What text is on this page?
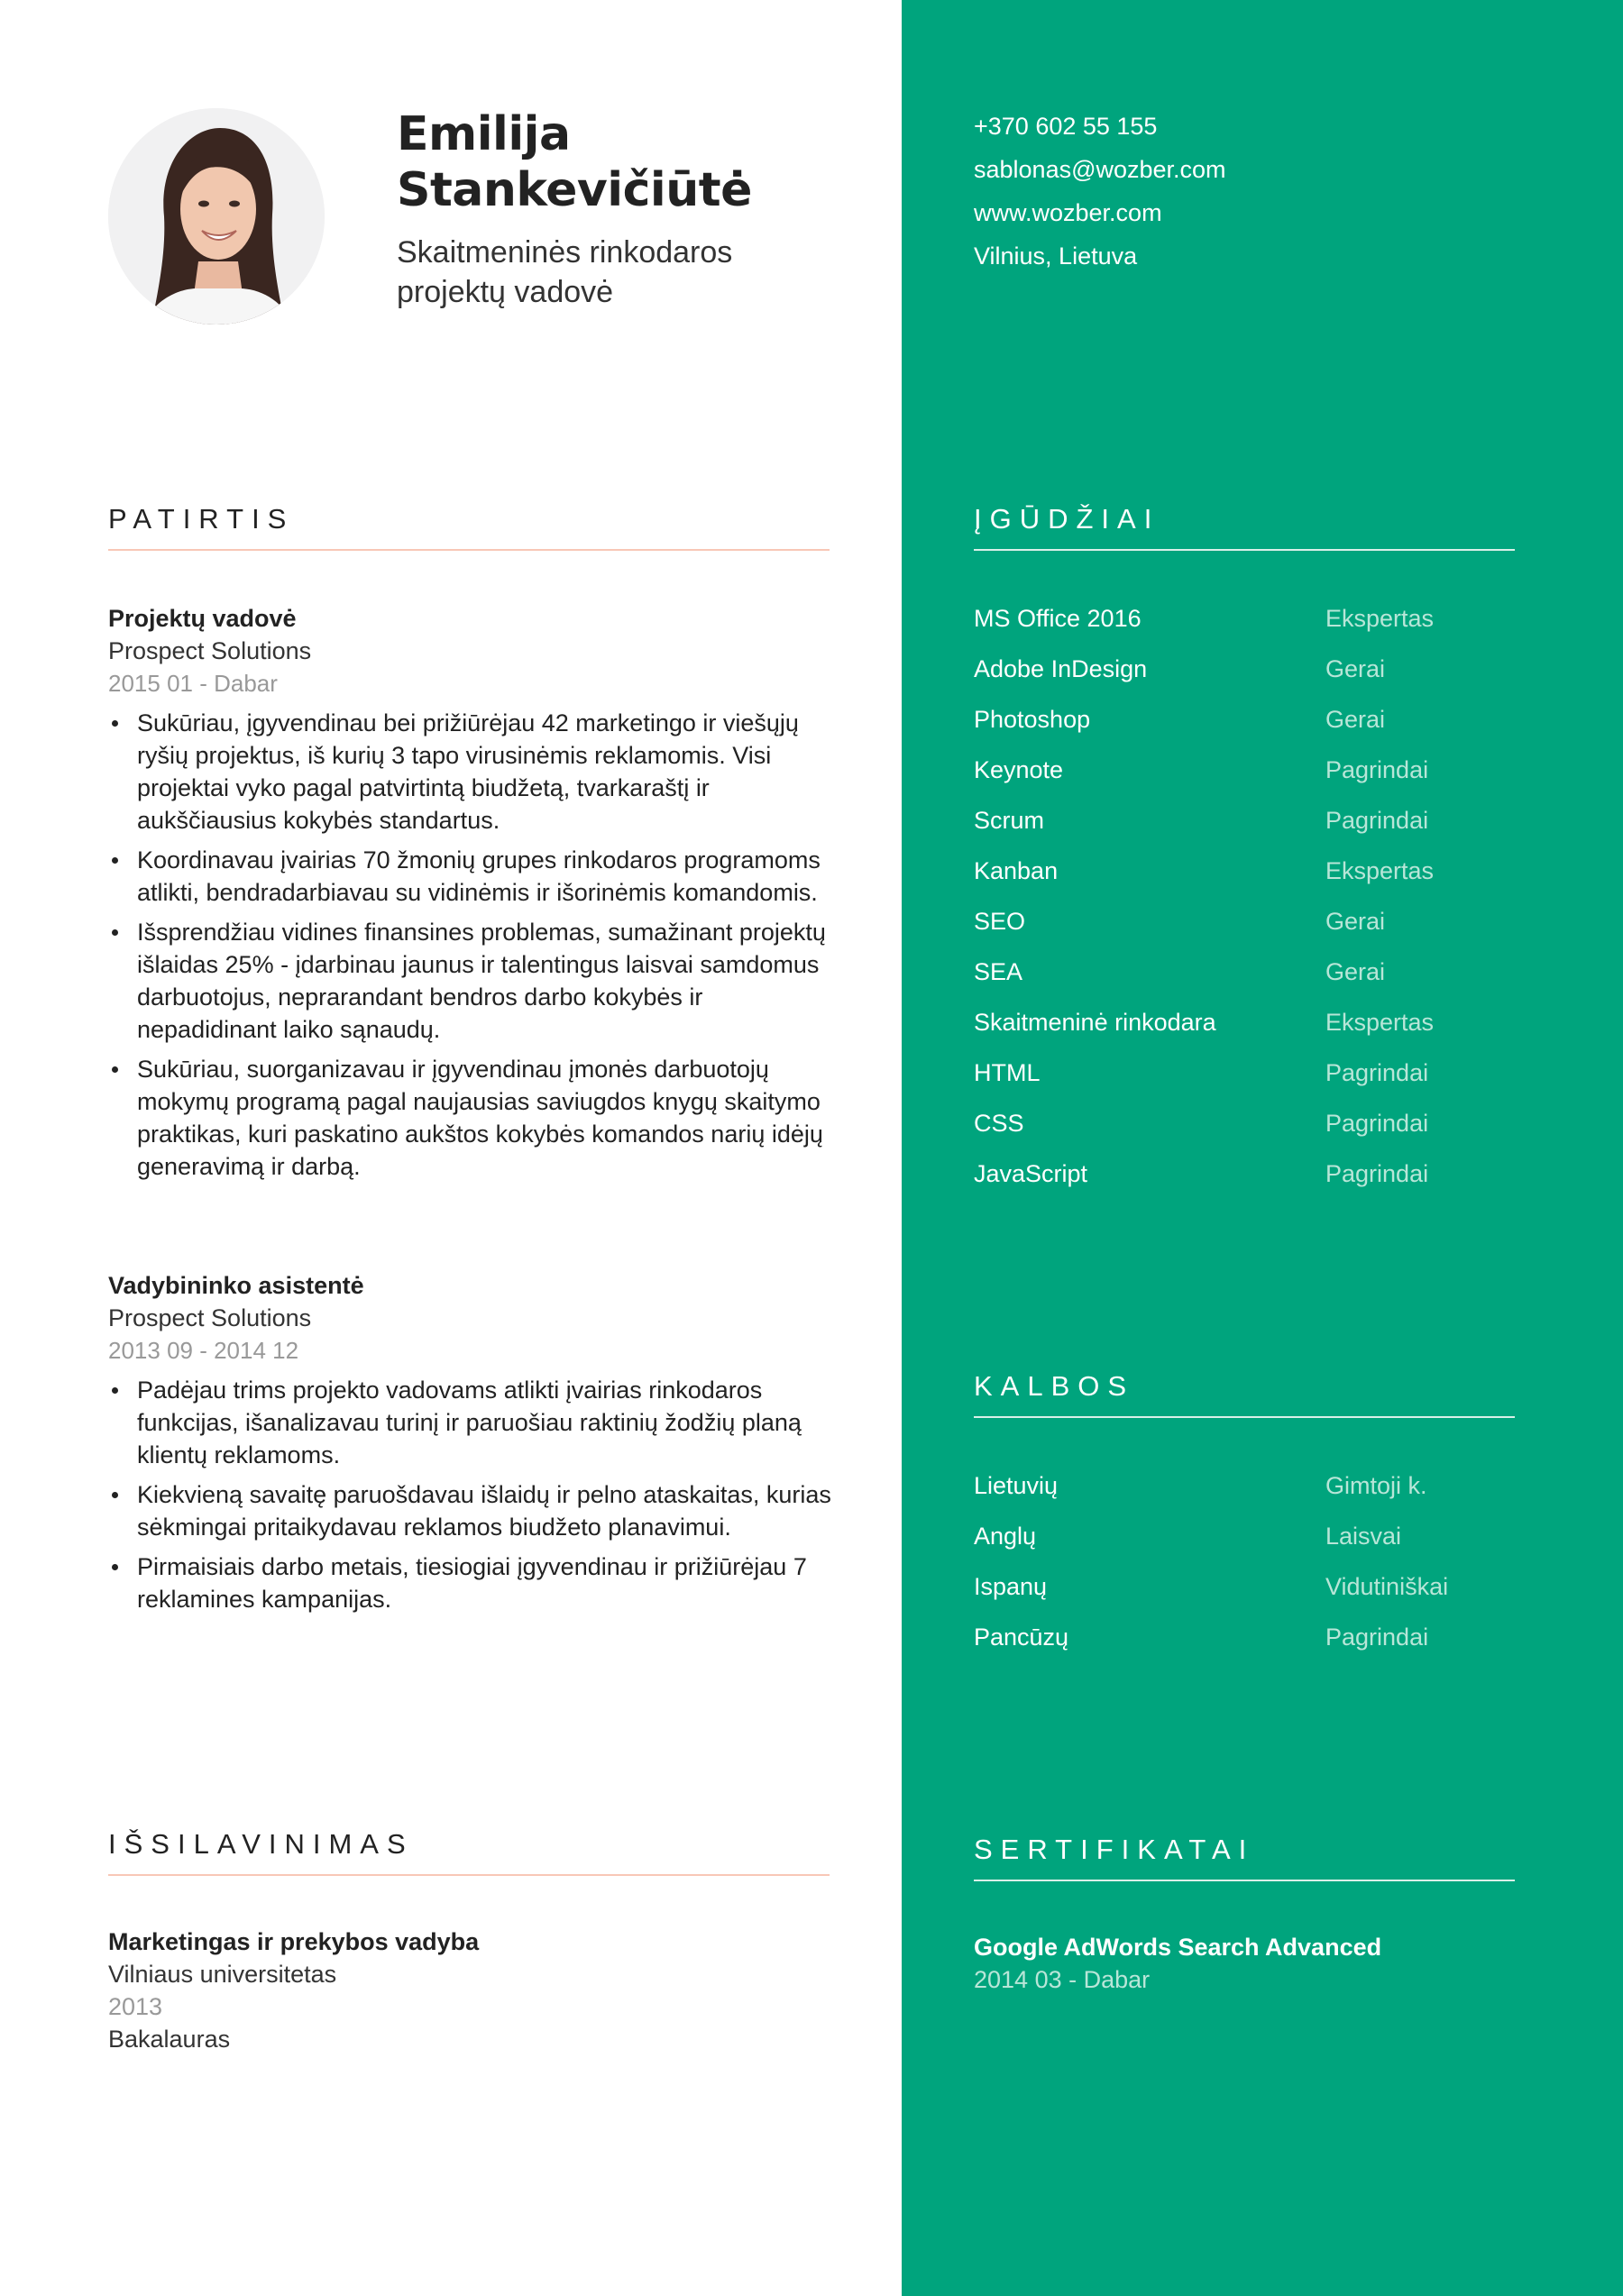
Emilija
Stankevičiūtė
Skaitmeninės rinkodaros
projektų vadovė
PATIRTIS
Projektų vadovė
Prospect Solutions
2015 01 - Dabar
Sukūriau, įgyvendinau bei prižiūrėjau 42 marketingo ir viešųjų ryšių projektus, iš kurių 3 tapo virusinėmis reklamomis. Visi projektai vyko pagal patvirtintą biudžetą, tvarkaraštį ir aukščiausius kokybės standartus.
Koordinavau įvairias 70 žmonių grupes rinkodaros programoms atlikti, bendradarbiavau su vidinėmis ir išorinėmis komandomis.
Išsprendžiau vidines finansines problemas, sumažinant projektų išlaidas 25% - įdarbinau jaunus ir talentingus laisvai samdomus darbuotojus, neprarandant bendros darbo kokybės ir nepadidinant laiko sąnaudų.
Sukūriau, suorganizavau ir įgyvendinau įmonės darbuotojų mokymų programą pagal naujausias saviugdos knygų skaitymo praktikas, kuri paskatino aukštos kokybės komandos narių idėjų generavimą ir darbą.
Vadybininko asistentė
Prospect Solutions
2013 09 - 2014 12
Padėjau trims projekto vadovams atlikti įvairias rinkodaros funkcijas, išanalizavau turinį ir paruošiau raktinių žodžių planą klientų reklamoms.
Kiekvieną savaitę paruošdavau išlaidų ir pelno ataskaitas, kurias sėkmingai pritaikydavau reklamos biudžeto planavimui.
Pirmaisiais darbo metais, tiesiogiai įgyvendinau ir prižiūrėjau 7 reklamines kampanijas.
IŠSILAVINIMAS
Marketingas ir prekybos vadyba
Vilniaus universitetas
2013
Bakalauras
+370 602 55 155
sablonas@wozber.com
www.wozber.com
Vilnius, Lietuva
ĮGŪDŽIAI
MS Office 2016	Ekspertas
Adobe InDesign	Gerai
Photoshop	Gerai
Keynote	Pagrindai
Scrum	Pagrindai
Kanban	Ekspertas
SEO	Gerai
SEA	Gerai
Skaitmeninė rinkodara	Ekspertas
HTML	Pagrindai
CSS	Pagrindai
JavaScript	Pagrindai
KALBOS
Lietuvių	Gimtoji k.
Anglų	Laisvai
Ispanų	Vidutiniškai
Pancūzų	Pagrindai
SERTIFIKATAI
Google AdWords Search Advanced
2014 03 - Dabar
